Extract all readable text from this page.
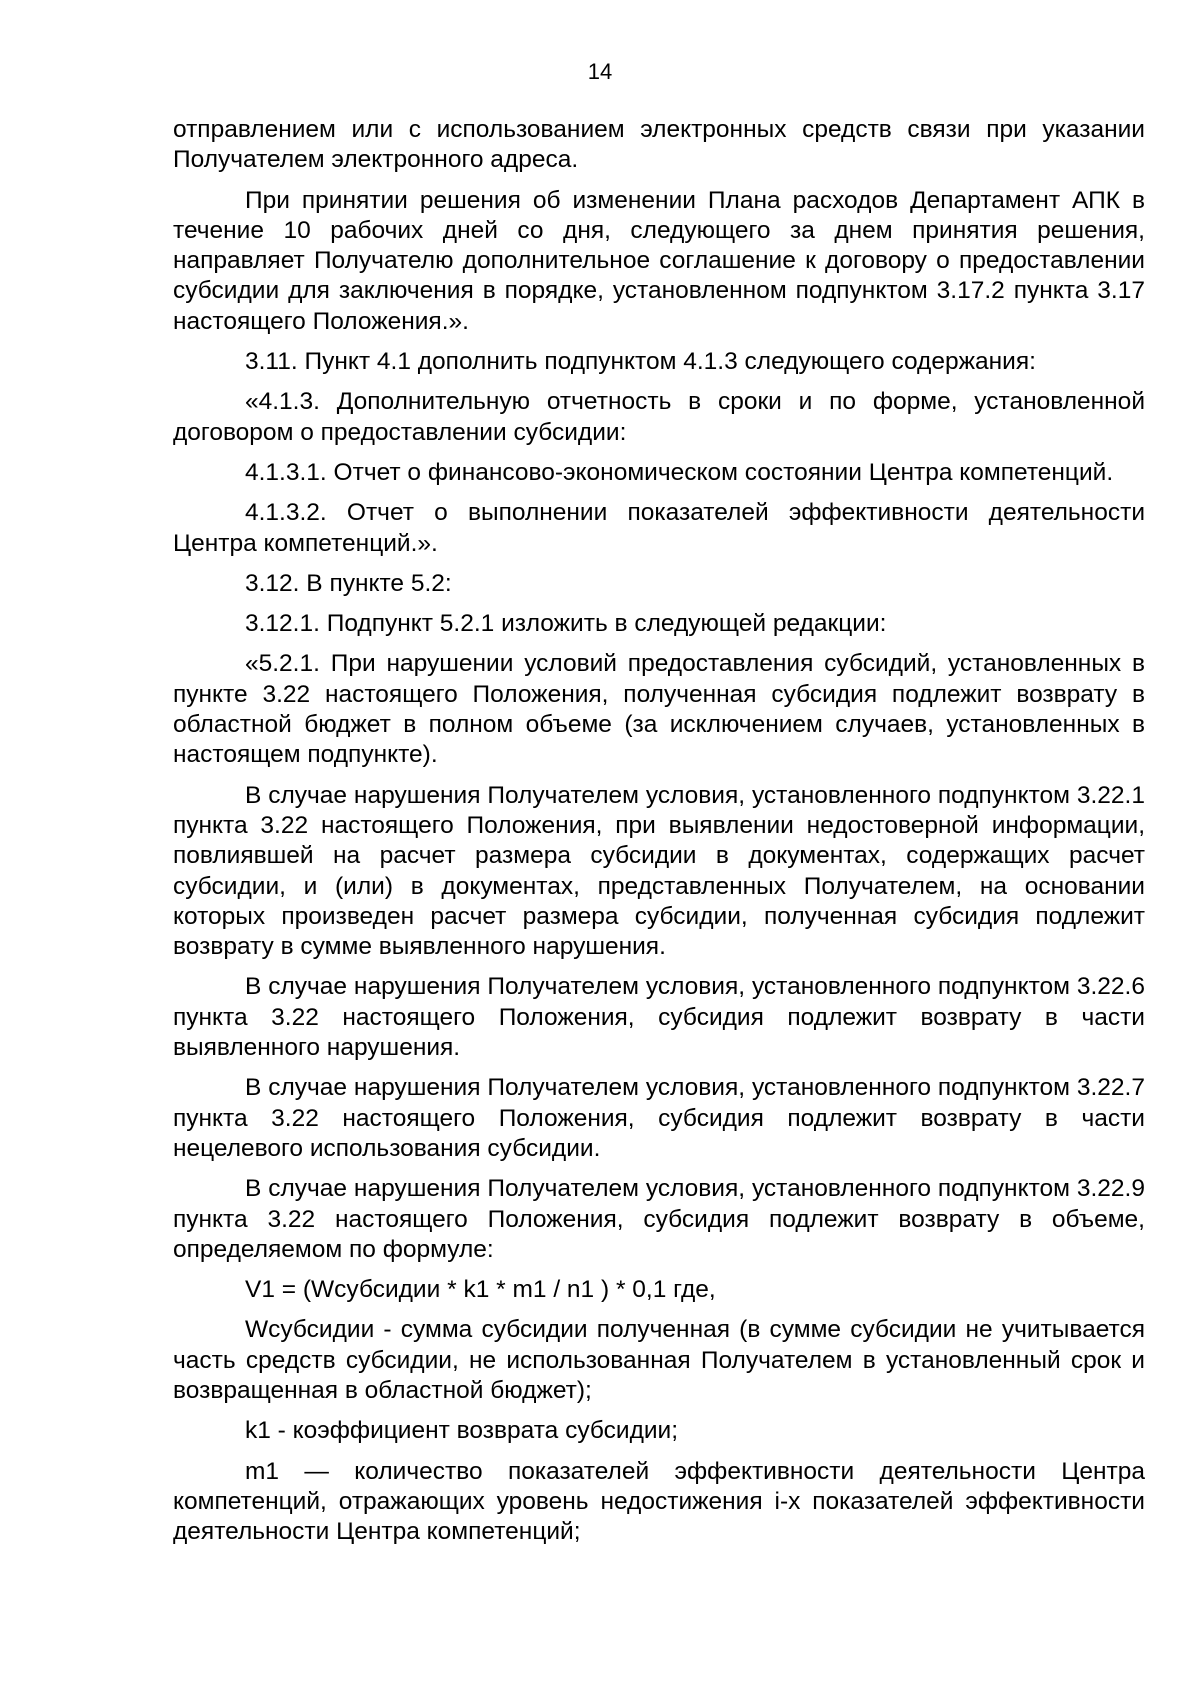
14

отправлением или с использованием электронных средств связи при указании Получателем электронного адреса.

При принятии решения об изменении Плана расходов Департамент АПК в течение 10 рабочих дней со дня, следующего за днем принятия решения, направляет Получателю дополнительное соглашение к договору о предоставлении субсидии для заключения в порядке, установленном подпунктом 3.17.2 пункта 3.17 настоящего Положения.».

3.11. Пункт 4.1 дополнить подпунктом 4.1.3 следующего содержания:

«4.1.3. Дополнительную отчетность в сроки и по форме, установленной договором о предоставлении субсидии:

4.1.3.1. Отчет о финансово-экономическом состоянии Центра компетенций.

4.1.3.2. Отчет о выполнении показателей эффективности деятельности Центра компетенций.».

3.12. В пункте 5.2:

3.12.1. Подпункт 5.2.1 изложить в следующей редакции:

«5.2.1. При нарушении условий предоставления субсидий, установленных в пункте 3.22 настоящего Положения, полученная субсидия подлежит возврату в областной бюджет в полном объеме (за исключением случаев, установленных в настоящем подпункте).

В случае нарушения Получателем условия, установленного подпунктом 3.22.1 пункта 3.22 настоящего Положения, при выявлении недостоверной информации, повлиявшей на расчет размера субсидии в документах, содержащих расчет субсидии, и (или) в документах, представленных Получателем, на основании которых произведен расчет размера субсидии, полученная субсидия подлежит возврату в сумме выявленного нарушения.

В случае нарушения Получателем условия, установленного подпунктом 3.22.6 пункта 3.22 настоящего Положения, субсидия подлежит возврату в части выявленного нарушения.

В случае нарушения Получателем условия, установленного подпунктом 3.22.7 пункта 3.22 настоящего Положения, субсидия подлежит возврату в части нецелевого использования субсидии.

В случае нарушения Получателем условия, установленного подпунктом 3.22.9 пункта 3.22 настоящего Положения, субсидия подлежит возврату в объеме, определяемом по формуле:

V1 = (Wсубсидии * k1 * m1 / n1 ) * 0,1 где,

Wсубсидии - сумма субсидии полученная (в сумме субсидии не учитывается часть средств субсидии, не использованная Получателем в установленный срок и возвращенная в областной бюджет);

k1 - коэффициент возврата субсидии;

m1 — количество показателей эффективности деятельности Центра компетенций, отражающих уровень недостижения i-х показателей эффективности деятельности Центра компетенций;
